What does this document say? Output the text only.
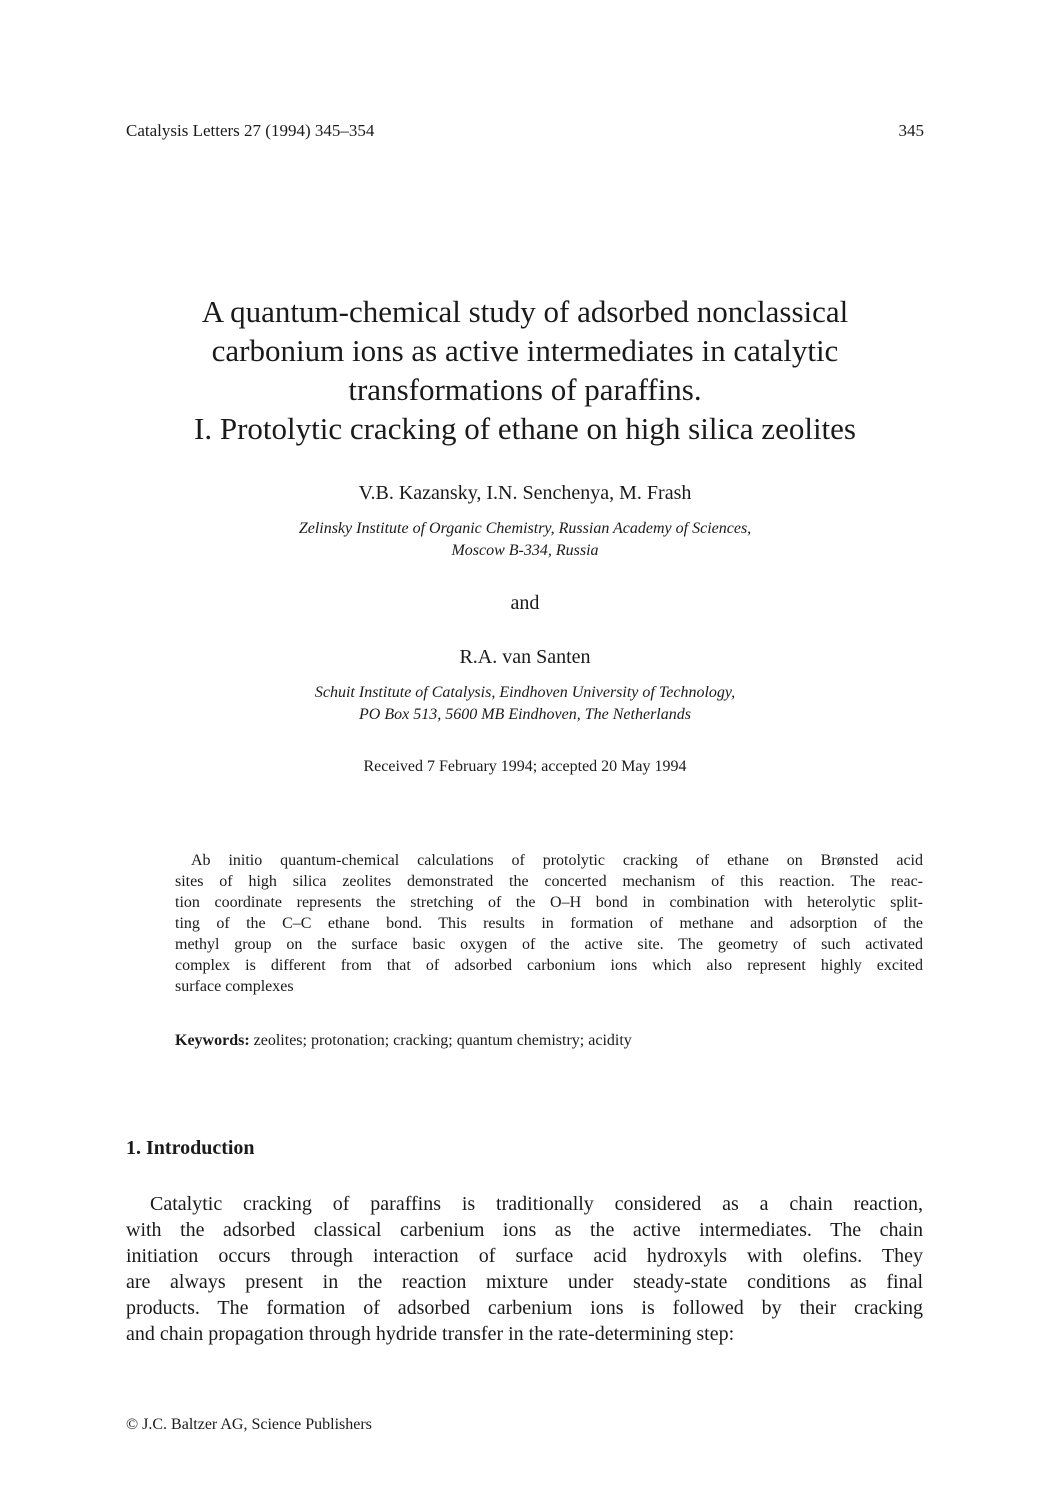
Catalysis Letters 27 (1994) 345–354	345
A quantum-chemical study of adsorbed nonclassical
carbonium ions as active intermediates in catalytic
transformations of paraffins.
I. Protolytic cracking of ethane on high silica zeolites
V.B. Kazansky, I.N. Senchenya, M. Frash
Zelinsky Institute of Organic Chemistry, Russian Academy of Sciences,
Moscow B-334, Russia
and
R.A. van Santen
Schuit Institute of Catalysis, Eindhoven University of Technology,
PO Box 513, 5600 MB Eindhoven, The Netherlands
Received 7 February 1994; accepted 20 May 1994
Ab initio quantum-chemical calculations of protolytic cracking of ethane on Brønsted acid
sites of high silica zeolites demonstrated the concerted mechanism of this reaction. The reac-
tion coordinate represents the stretching of the O–H bond in combination with heterolytic split-
ting of the C–C ethane bond. This results in formation of methane and adsorption of the
methyl group on the surface basic oxygen of the active site. The geometry of such activated
complex is different from that of adsorbed carbonium ions which also represent highly excited
surface complexes
Keywords: zeolites; protonation; cracking; quantum chemistry; acidity
1. Introduction
Catalytic cracking of paraffins is traditionally considered as a chain reaction,
with the adsorbed classical carbenium ions as the active intermediates. The chain
initiation occurs through interaction of surface acid hydroxyls with olefins. They
are always present in the reaction mixture under steady-state conditions as final
products. The formation of adsorbed carbenium ions is followed by their cracking
and chain propagation through hydride transfer in the rate-determining step:
© J.C. Baltzer AG, Science Publishers
